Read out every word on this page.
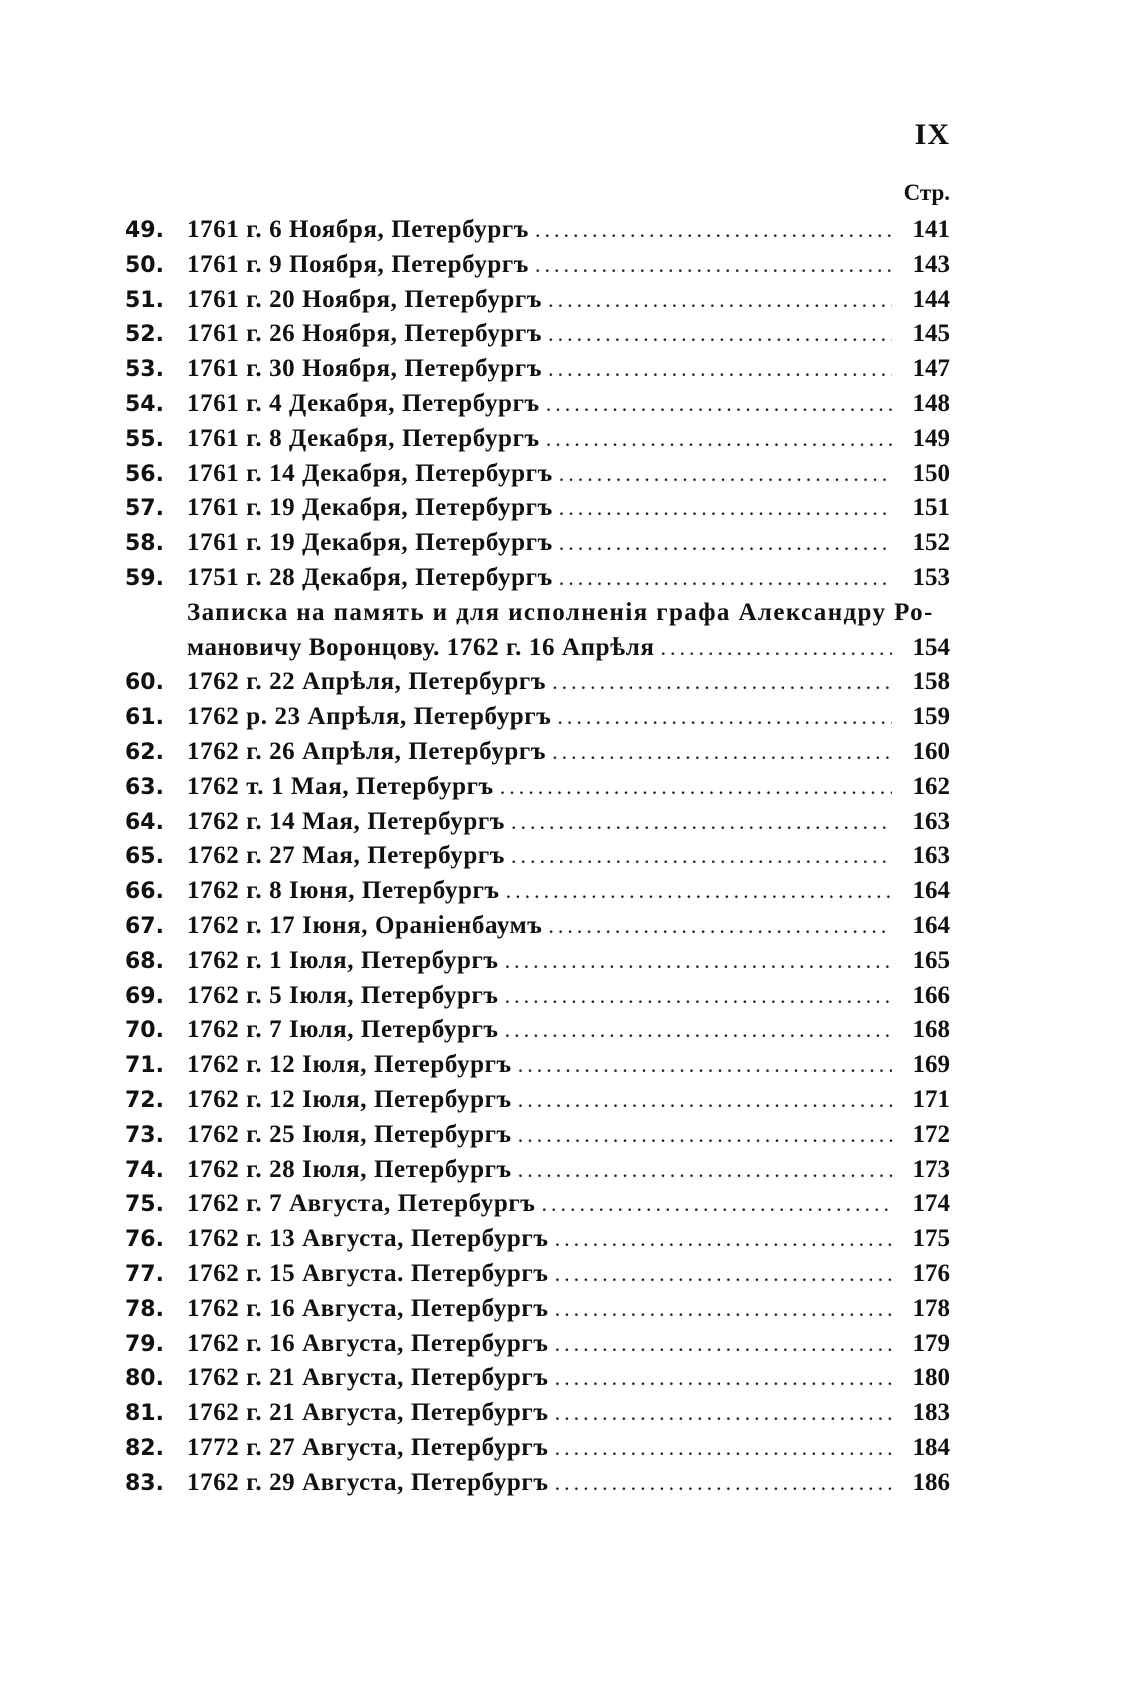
IX
Стр.
49. 1761 г. 6 Ноября, Петербургъ .....	141
50. 1761 г. 9 Поября, Петербургъ .....	143
51. 1761 г. 20 Ноября, Петербургъ .....	144
52. 1761 г. 26 Ноября, Петербургъ .....	145
53. 1761 г. 30 Ноября, Петербургъ .....	147
54. 1761 г. 4 Декабря, Петербургъ .....	148
55. 1761 г. 8 Декабря, Петербургъ .....	149
56. 1761 г. 14 Декабря, Петербургъ .....	150
57. 1761 г. 19 Декабря, Петербургъ .....	151
58. 1761 г. 19 Декабря, Петербургъ .....	152
59. 1751 г. 28 Декабря, Петербургъ .....	153
Записка на память и для исполненія графа Александру Ро-
мановичу Воронцову. 1762 г. 16 Апрѣля .....	154
60. 1762 г. 22 Апрѣля, Петербургъ .....	158
61. 1762 р. 23 Апрѣля, Петербургъ .....	159
62. 1762 г. 26 Апрѣля, Петербургъ .....	160
63. 1762 т. 1 Мая, Петербургъ .....	162
64. 1762 г. 14 Мая, Петербургъ .....	163
65. 1762 г. 27 Мая, Петербургъ .....	163
66. 1762 г. 8 Іюня, Петербургъ .....	164
67. 1762 г. 17 Іюня, Ораніенбаумъ .....	164
68. 1762 г. 1 Іюля, Петербургъ .....	165
69. 1762 г. 5 Іюля, Петербургъ .....	166
70. 1762 г. 7 Іюля, Петербургъ .....	168
71. 1762 г. 12 Іюля, Петербургъ .....	169
72. 1762 г. 12 Іюля, Петербургъ .....	171
73. 1762 г. 25 Іюля, Петербургъ .....	172
74. 1762 г. 28 Іюля, Петербургъ .....	173
75. 1762 г. 7 Августа, Петербургъ .....	174
76. 1762 г. 13 Августа, Петербургъ .....	175
77. 1762 г. 15 Августа. Петербургъ .....	176
78. 1762 г. 16 Августа, Петербургъ .....	178
79. 1762 г. 16 Августа, Петербургъ .....	179
80. 1762 г. 21 Августа, Петербургъ .....	180
81. 1762 г. 21 Августа, Петербургъ .....	183
82. 1772 г. 27 Августа, Петербургъ .....	184
83. 1762 г. 29 Августа, Петербургъ .....	186
